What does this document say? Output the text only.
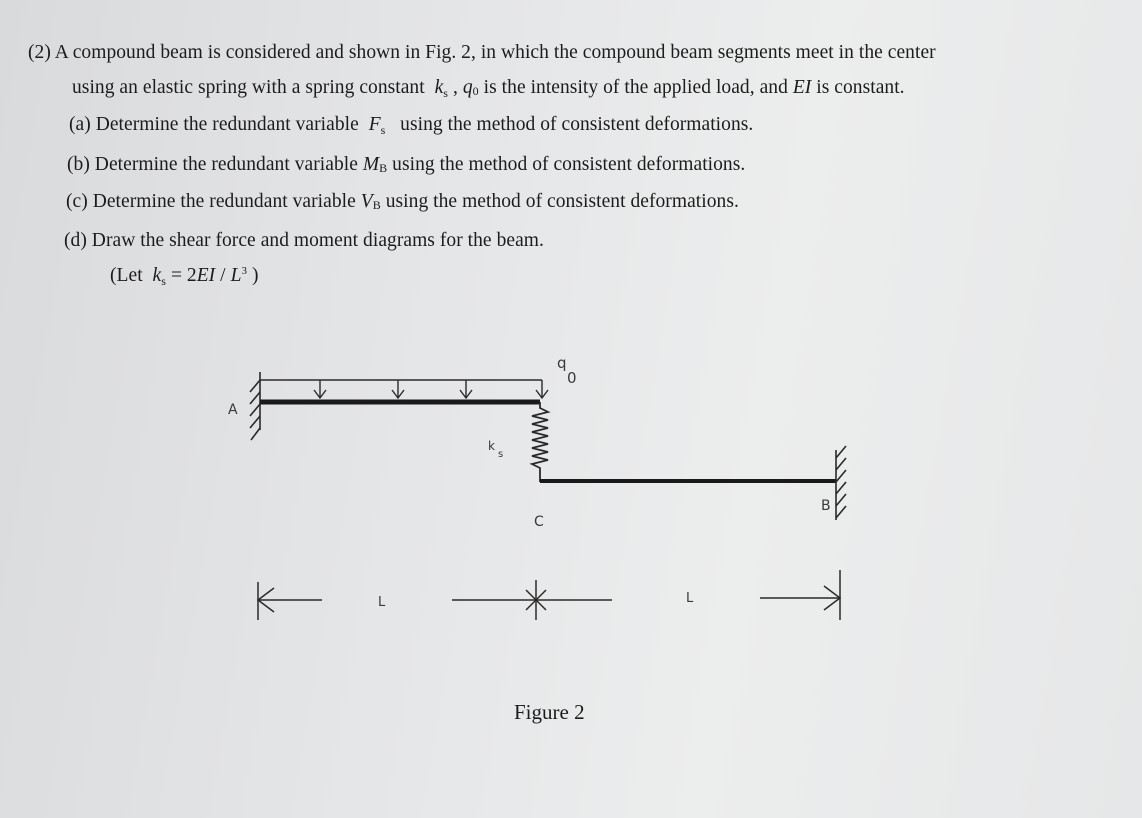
(2) A compound beam is considered and shown in Fig. 2, in which the compound beam segments meet in the center
using an elastic spring with a spring constant $k_s$ , q0 is the intensity of the applied load, and EI is constant.
(a) Determine the redundant variable $F_s$ using the method of consistent deformations.
(b) Determine the redundant variable MB using the method of consistent deformations.
(c) Determine the redundant variable VB using the method of consistent deformations.
(d) Draw the shear force and moment diagrams for the beam.
(Let $k_s = 2EI / L^3$ )
A
q
0
k
s
B
C
L	L
Figure 2
